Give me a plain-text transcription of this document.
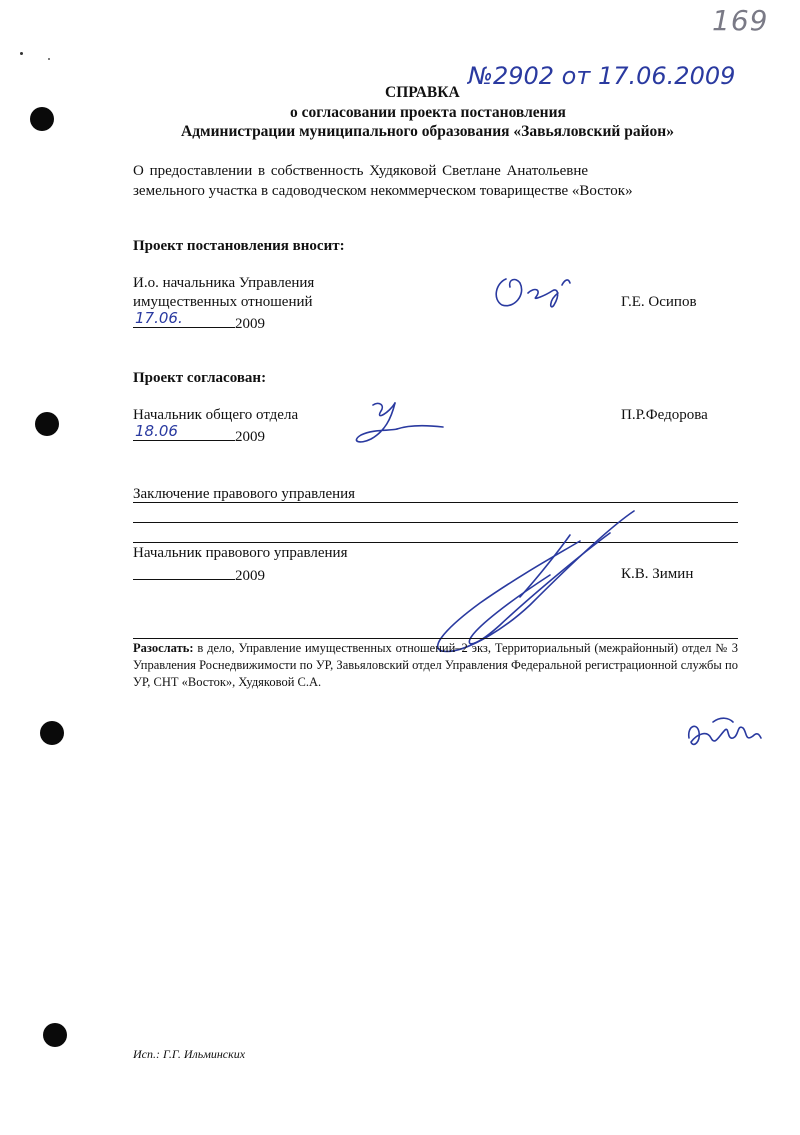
169
СПРАВКА
№2902 от 17.06.2009
о согласовании проекта постановления
Администрации муниципального образования «Завьяловский район»
О предоставлении в собственность Худяковой Светлане Анатольевне
земельного участка в садоводческом некоммерческом товариществе «Восток»
Проект постановления вносит:
И.о. начальника Управления
имущественных отношений
17.06.	2009
Г.Е. Осипов
Проект согласован:
Начальник общего отдела
18.06	2009
П.Р.Федорова
Заключение правового управления
Начальник правового управления
2009	К.В. Зимин
Разослать: в дело, Управление имущественных отношений–2 экз, Территориальный (межрайонный) отдел № 3 Управления Роснедвижимости по УР, Завьяловский отдел Управления Федеральной регистрационной службы по УР, СНТ «Восток», Худяковой С.А.
Исп.: Г.Г. Ильминских
